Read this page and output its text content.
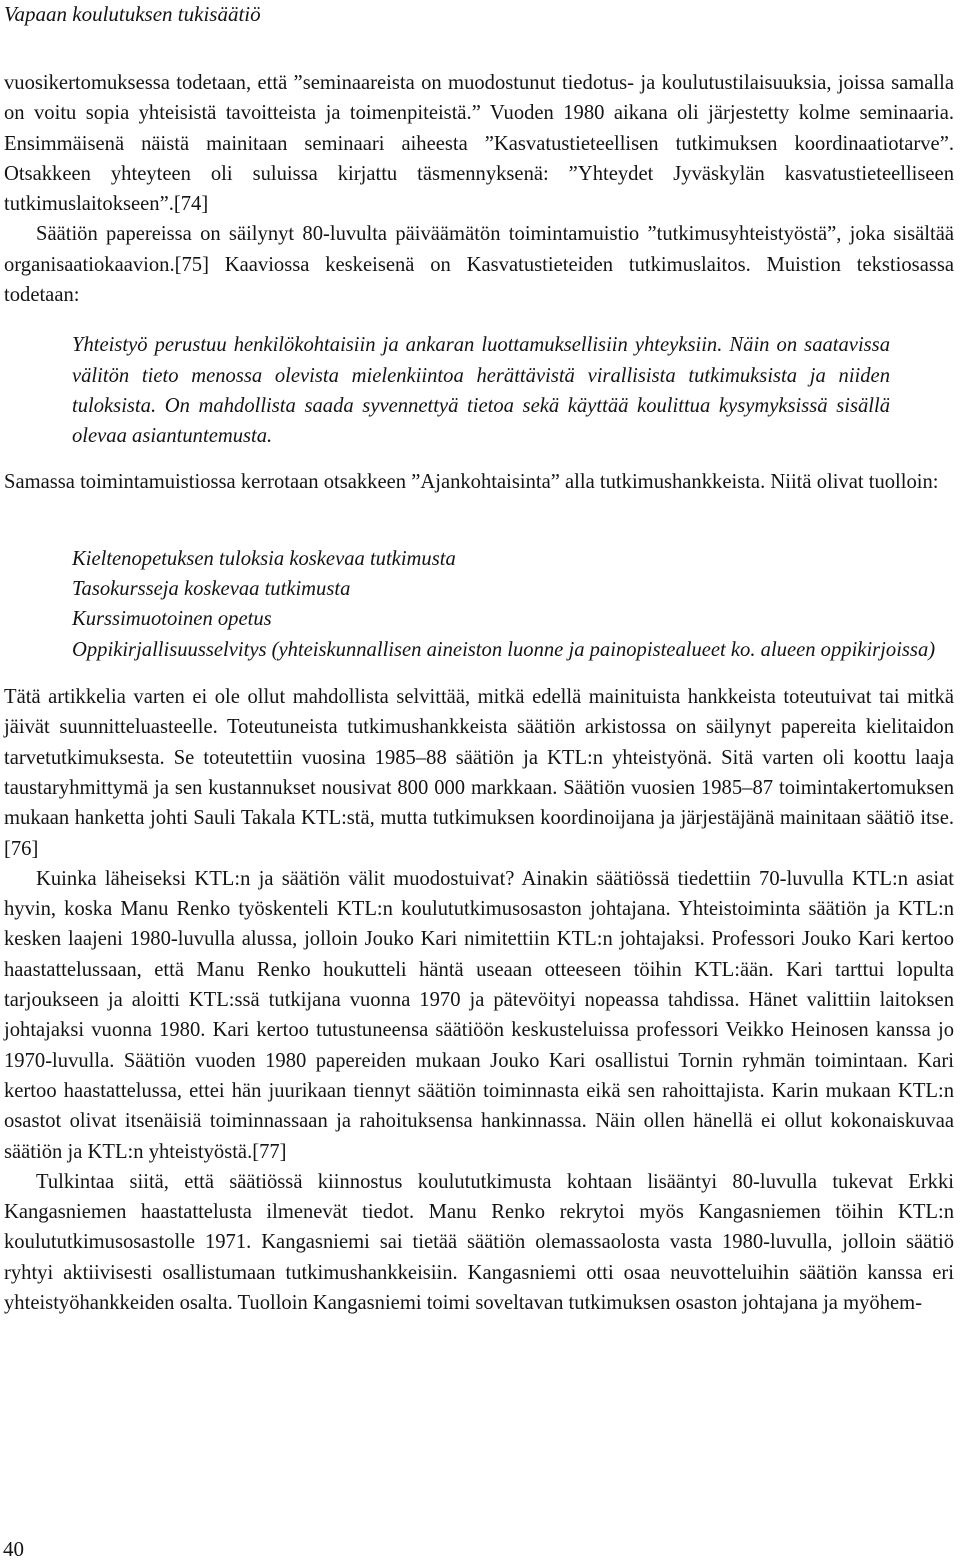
Vapaan koulutuksen tukisäätiö

vuosikertomuksessa todetaan, että ”seminaareista on muodostunut tiedotus- ja koulutustilaisuuksia, joissa samalla on voitu sopia yhteisistä tavoitteista ja toimenpiteistä.” Vuoden 1980 aikana oli järjestetty kolme seminaaria. Ensimmäisenä näistä mainitaan seminaari aiheesta ”Kasvatustieteellisen tutkimuksen koordinaatiotarve”. Otsakkeen yhteyteen oli suluissa kirjattu täsmennyksenä: ”Yhteydet Jyväskylän kasvatustieteelliseen tutkimuslaitokseen”.[74]

Säätiön papereissa on säilynyt 80-luvulta päiväämätön toimintamuistio ”tutkimusyhteistyöstä”, joka sisältää organisaatiokaavion.[75] Kaaviossa keskeisenä on Kasvatustieteiden tutkimuslaitos. Muistion tekstiosassa todetaan:

Yhteistyö perustuu henkilökohtaisiin ja ankaran luottamuksellisiin yhteyksiin. Näin on saatavissa välitön tieto menossa olevista mielenkiintoa herättävistä virallisista tutkimuksista ja niiden tuloksista. On mahdollista saada syvennettyä tietoa sekä käyttää koulittua kysymyksissä sisällä olevaa asiantuntemusta.

Samassa toimintamuistiossa kerrotaan otsakkeen ”Ajankohtaisinta” alla tutkimushankkeista. Niitä olivat tuolloin:

Kieltenopetuksen tuloksia koskevaa tutkimusta
Tasokursseja koskevaa tutkimusta
Kurssimuotoinen opetus
Oppikirjallisuusselvitys (yhteiskunnallisen aineiston luonne ja painopistealueet ko. alueen oppikirjoissa)

Tätä artikkelia varten ei ole ollut mahdollista selvittää, mitkä edellä mainituista hankkeista toteutuivat tai mitkä jäivät suunnitteluasteelle. Toteutuneista tutkimushankkeista säätiön arkistossa on säilynyt papereita kielitaidon tarvetutkimuksesta. Se toteutettiin vuosina 1985–88 säätiön ja KTL:n yhteistyönä. Sitä varten oli koottu laaja taustaryhmittymä ja sen kustannukset nousivat 800 000 markkaan. Säätiön vuosien 1985–87 toimintakertomuksen mukaan hanketta johti Sauli Takala KTL:stä, mutta tutkimuksen koordinoijana ja järjestäjänä mainitaan säätiö itse.[76]

Kuinka läheiseksi KTL:n ja säätiön välit muodostuivat? Ainakin säätiössä tiedettiin 70-luvulla KTL:n asiat hyvin, koska Manu Renko työskenteli KTL:n koulututkimusosaston johtajana. Yhteistoiminta säätiön ja KTL:n kesken laajeni 1980-luvulla alussa, jolloin Jouko Kari nimitettiin KTL:n johtajaksi. Professori Jouko Kari kertoo haastattelussaan, että Manu Renko houkutteli häntä useaan otteeseen töihin KTL:ään. Kari tarttui lopulta tarjoukseen ja aloitti KTL:ssä tutkijana vuonna 1970 ja pätevöityi nopeassa tahdissa. Hänet valittiin laitoksen johtajaksi vuonna 1980. Kari kertoo tutustuneensa säätiöön keskusteluissa professori Veikko Heinosen kanssa jo 1970-luvulla. Säätiön vuoden 1980 papereiden mukaan Jouko Kari osallistui Tornin ryhmän toimintaan. Kari kertoo haastattelussa, ettei hän juurikaan tiennyt säätiön toiminnasta eikä sen rahoittajista. Karin mukaan KTL:n osastot olivat itsenäisiä toiminnassaan ja rahoituksensa hankinnassa. Näin ollen hänellä ei ollut kokonaiskuvaa säätiön ja KTL:n yhteistyöstä.[77]

Tulkintaa siitä, että säätiössä kiinnostus koulututkimusta kohtaan lisääntyi 80-luvulla tukevat Erkki Kangasniemen haastattelusta ilmenevät tiedot. Manu Renko rekrytoi myös Kangasniemen töihin KTL:n koulututkimusosastolle 1971. Kangasniemi sai tietää säätiön olemassaolosta vasta 1980-luvulla, jolloin säätiö ryhtyi aktiivisesti osallistumaan tutkimushankkeisiin. Kangasniemi otti osaa neuvotteluihin säätiön kanssa eri yhteistyöhankkeiden osalta. Tuolloin Kangasniemi toimi soveltavan tutkimuksen osaston johtajana ja myöhem-

40
